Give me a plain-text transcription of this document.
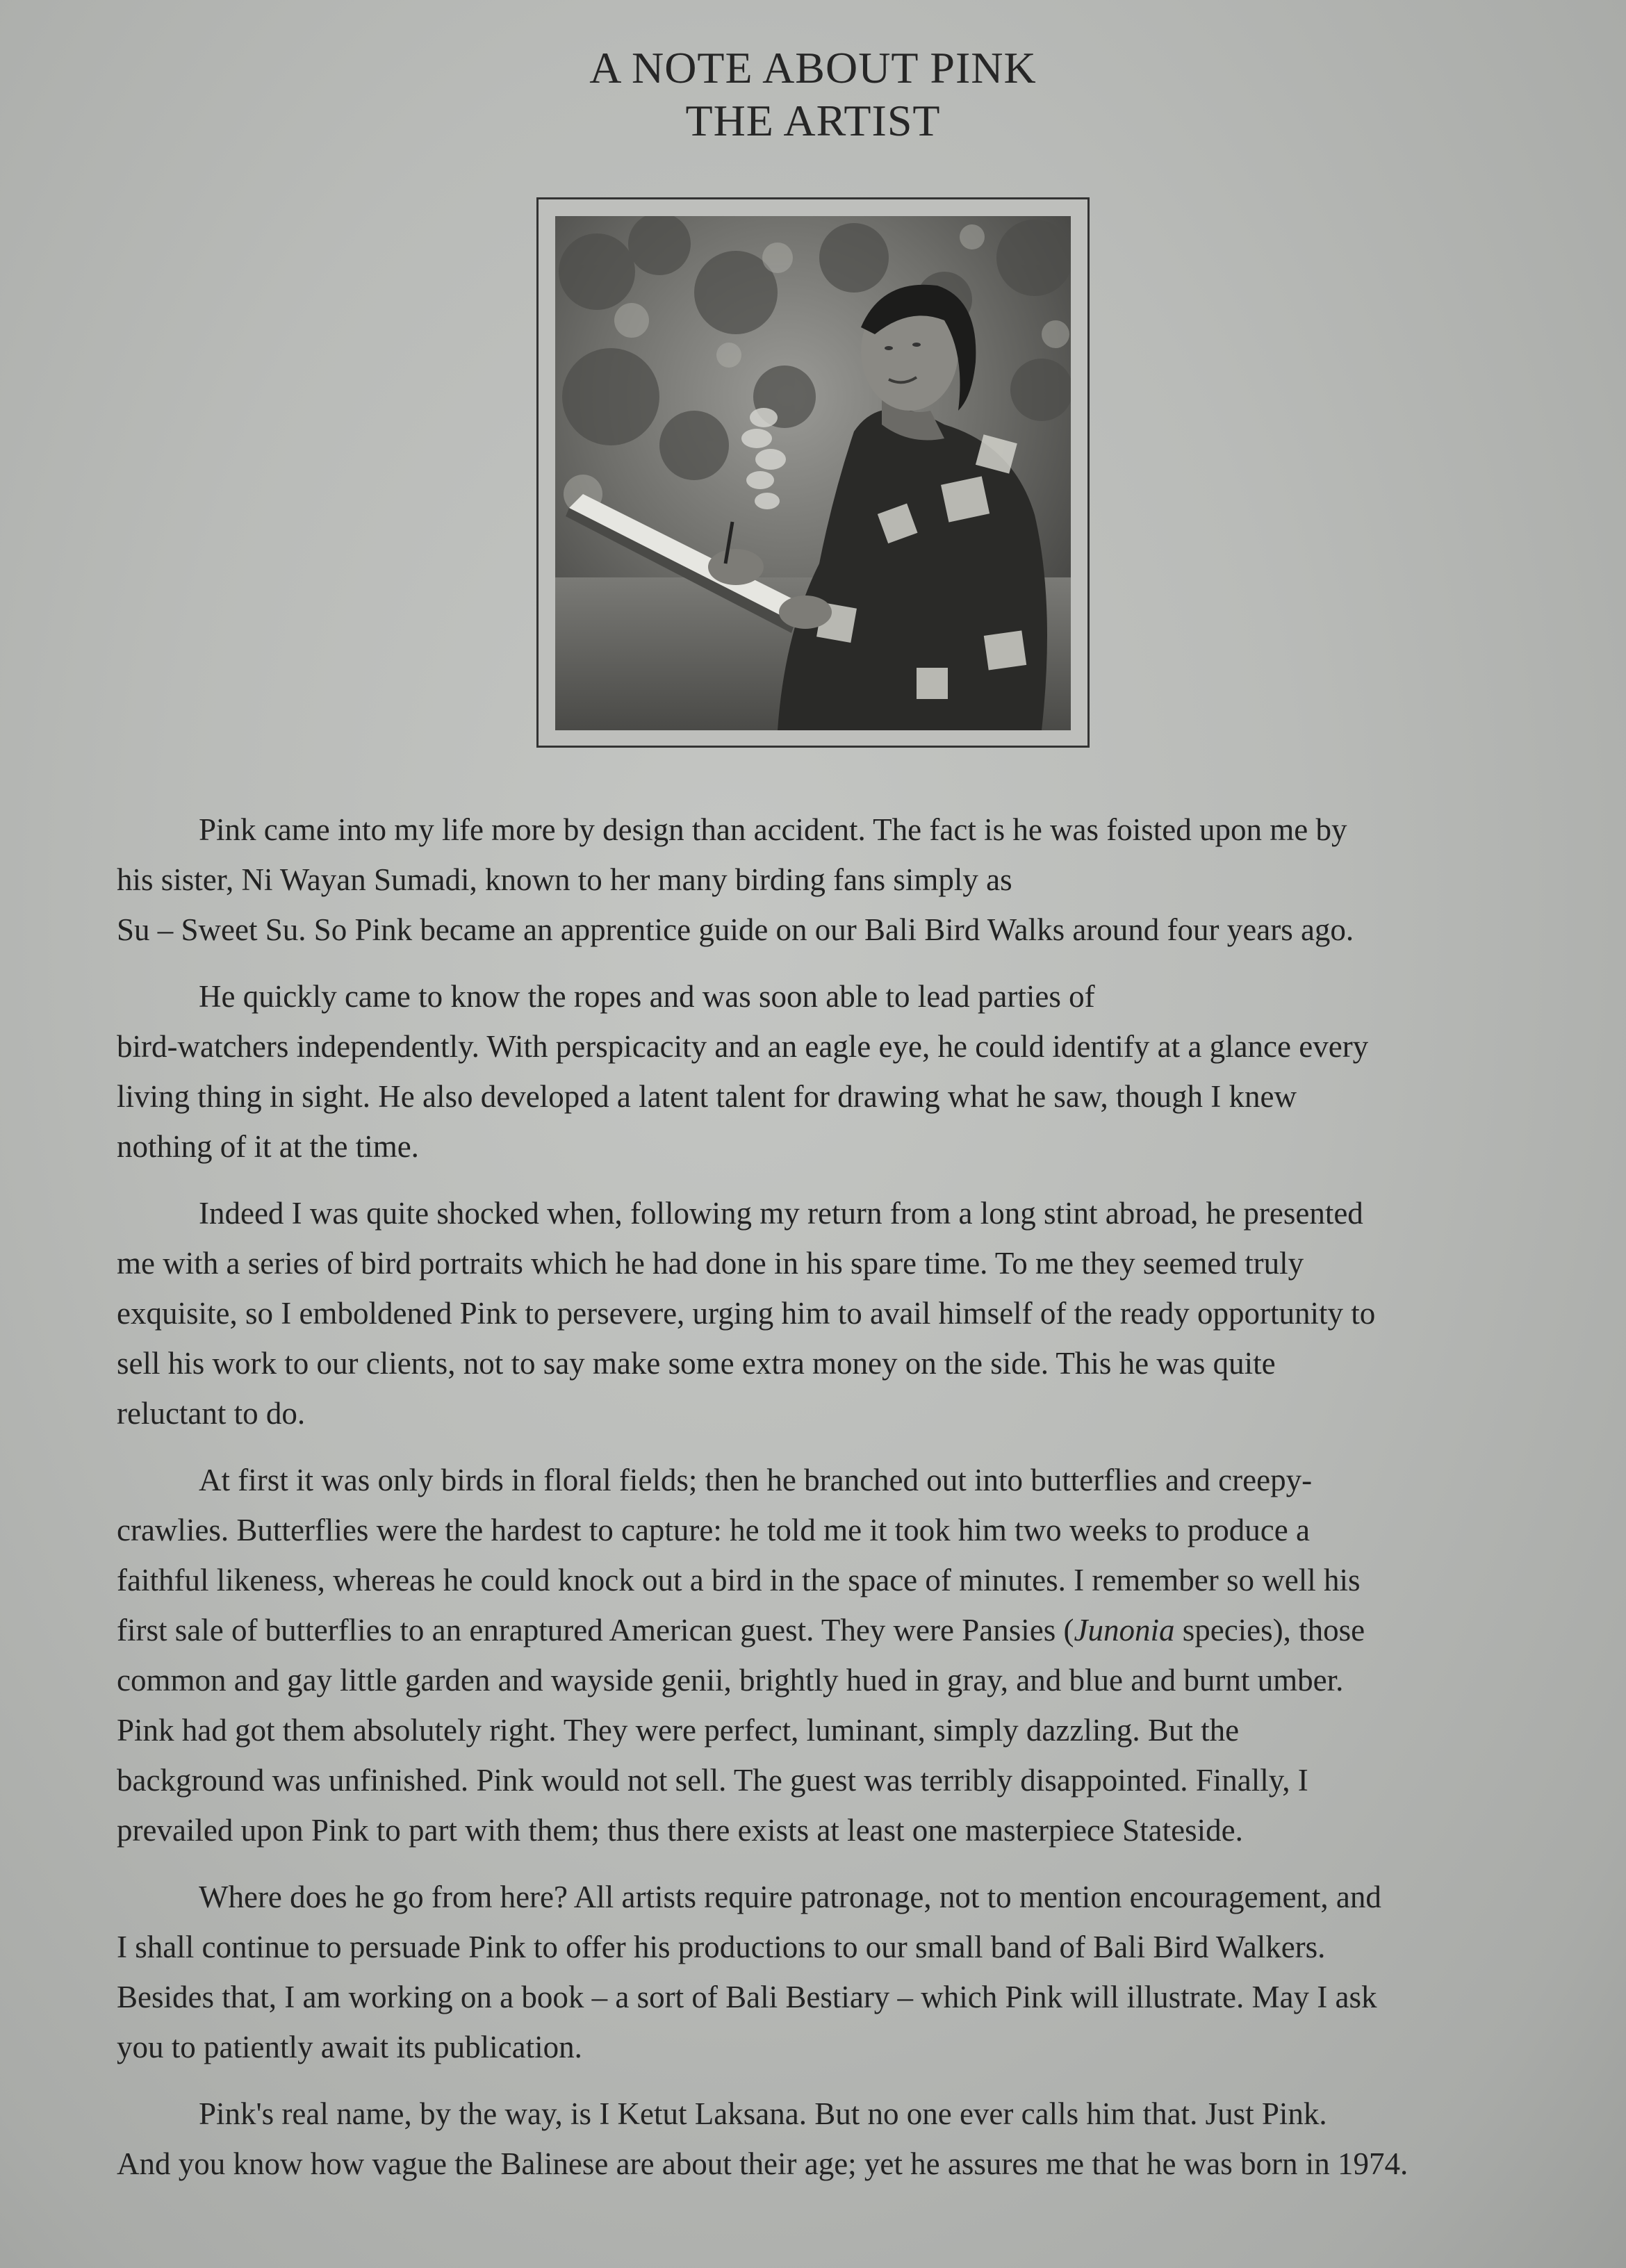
A NOTE ABOUT PINK
THE ARTIST

Pink came into my life more by design than accident. The fact is he was foisted upon me by
his sister, Ni Wayan Sumadi, known to her many birding fans simply as
Su – Sweet Su. So Pink became an apprentice guide on our Bali Bird Walks around four years ago.

He quickly came to know the ropes and was soon able to lead parties of
bird-watchers independently. With perspicacity and an eagle eye, he could identify at a glance every
living thing in sight. He also developed a latent talent for drawing what he saw, though I knew
nothing of it at the time.

Indeed I was quite shocked when, following my return from a long stint abroad, he presented
me with a series of bird portraits which he had done in his spare time. To me they seemed truly
exquisite, so I emboldened Pink to persevere, urging him to avail himself of the ready opportunity to
sell his work to our clients, not to say make some extra money on the side. This he was quite
reluctant to do.

At first it was only birds in floral fields; then he branched out into butterflies and creepy-
crawlies. Butterflies were the hardest to capture: he told me it took him two weeks to produce a
faithful likeness, whereas he could knock out a bird in the space of minutes. I remember so well his
first sale of butterflies to an enraptured American guest. They were Pansies (Junonia species), those
common and gay little garden and wayside genii, brightly hued in gray, and blue and burnt umber.
Pink had got them absolutely right. They were perfect, luminant, simply dazzling. But the
background was unfinished. Pink would not sell. The guest was terribly disappointed. Finally, I
prevailed upon Pink to part with them; thus there exists at least one masterpiece Stateside.

Where does he go from here? All artists require patronage, not to mention encouragement, and
I shall continue to persuade Pink to offer his productions to our small band of Bali Bird Walkers.
Besides that, I am working on a book – a sort of Bali Bestiary – which Pink will illustrate. May I ask
you to patiently await its publication.

Pink's real name, by the way, is I Ketut Laksana. But no one ever calls him that. Just Pink.
And you know how vague the Balinese are about their age; yet he assures me that he was born in 1974.
